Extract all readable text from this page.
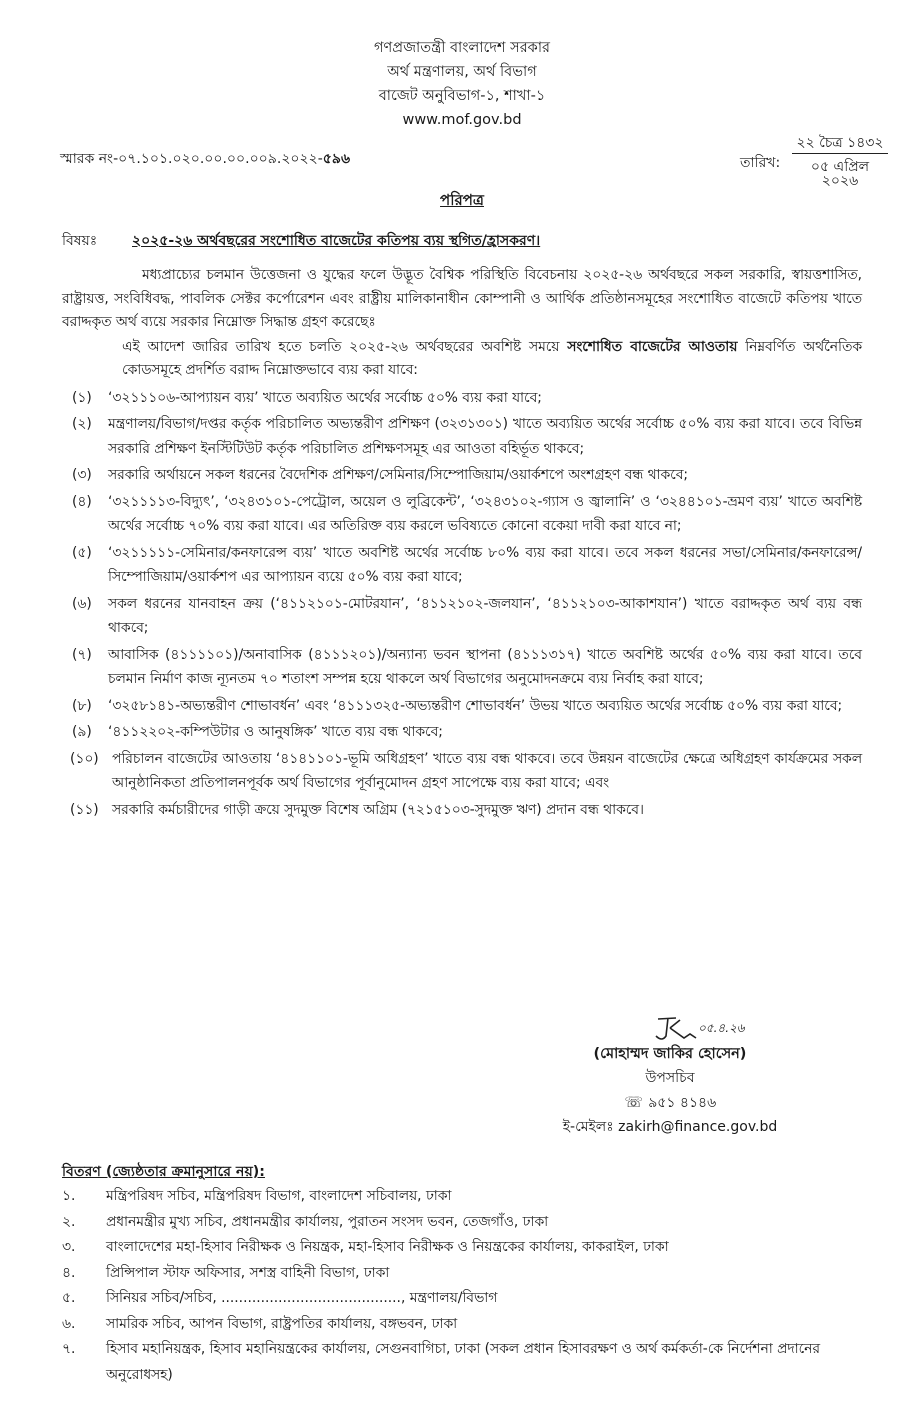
গণপ্রজাতন্ত্রী বাংলাদেশ সরকার
অর্থ মন্ত্রণালয়, অর্থ বিভাগ
বাজেট অনুবিভাগ-১, শাখা-১
www.mof.gov.bd
স্মারক নং-০৭.১০১.০২০.০০.০০.০০৯.২০২২-৫৯৬	তারিখ:
২২ চৈত্র ১৪৩২
০৫ এপ্রিল ২০২৬
পরিপত্র
বিষয়ঃ ২০২৫-২৬ অর্থবছরের সংশোধিত বাজেটের কতিপয় ব্যয় স্থগিত/হ্রাসকরণ।
মধ্যপ্রাচ্যের চলমান উত্তেজনা ও যুদ্ধের ফলে উদ্ভূত বৈশ্বিক পরিস্থিতি বিবেচনায় ২০২৫-২৬ অর্থবছরে সকল সরকারি, স্বায়ত্তশাসিত, রাষ্ট্রায়ত্ত, সংবিধিবদ্ধ, পাবলিক সেক্টর কর্পোরেশন এবং রাষ্ট্রীয় মালিকানাধীন কোম্পানী ও আর্থিক প্রতিষ্ঠানসমূহের সংশোধিত বাজেটে কতিপয় খাতে বরাদ্দকৃত অর্থ ব্যয়ে সরকার নিম্নোক্ত সিদ্ধান্ত গ্রহণ করেছেঃ
এই আদেশ জারির তারিখ হতে চলতি ২০২৫-২৬ অর্থবছরের অবশিষ্ট সময়ে সংশোধিত বাজেটের আওতায় নিম্নবর্ণিত অর্থনৈতিক কোডসমূহে প্রদর্শিত বরাদ্দ নিম্নোক্তভাবে ব্যয় করা যাবে:
(১) ‘৩২১১১০৬-আপ্যায়ন ব্যয়’ খাতে অব্যয়িত অর্থের সর্বোচ্চ ৫০% ব্যয় করা যাবে;
(২) মন্ত্রণালয়/বিভাগ/দপ্তর কর্তৃক পরিচালিত অভ্যন্তরীণ প্রশিক্ষণ (৩২৩১৩০১) খাতে অব্যয়িত অর্থের সর্বোচ্চ ৫০% ব্যয় করা যাবে। তবে বিভিন্ন সরকারি প্রশিক্ষণ ইনস্টিটিউট কর্তৃক পরিচালিত প্রশিক্ষণসমূহ এর আওতা বহির্ভূত থাকবে;
(৩) সরকারি অর্থায়নে সকল ধরনের বৈদেশিক প্রশিক্ষণ/সেমিনার/সিম্পোজিয়াম/ওয়ার্কশপে অংশগ্রহণ বন্ধ থাকবে;
(৪) ‘৩২১১১১৩-বিদ্যুৎ’, ‘৩২৪৩১০১-পেট্রোল, অয়েল ও লুব্রিকেন্ট’, ‘৩২৪৩১০২-গ্যাস ও জ্বালানি’ ও ‘৩২৪৪১০১-ভ্রমণ ব্যয়’ খাতে অবশিষ্ট অর্থের সর্বোচ্চ ৭০% ব্যয় করা যাবে। এর অতিরিক্ত ব্যয় করলে ভবিষ্যতে কোনো বকেয়া দাবী করা যাবে না;
(৫) ‘৩২১১১১১-সেমিনার/কনফারেন্স ব্যয়’ খাতে অবশিষ্ট অর্থের সর্বোচ্চ ৮০% ব্যয় করা যাবে। তবে সকল ধরনের সভা/সেমিনার/কনফারেন্স/সিম্পোজিয়াম/ওয়ার্কশপ এর আপ্যায়ন ব্যয়ে ৫০% ব্যয় করা যাবে;
(৬) সকল ধরনের যানবাহন ক্রয় (‘৪১১২১০১-মোটরযান’, ‘৪১১২১০২-জলযান’, ‘৪১১২১০৩-আকাশযান’) খাতে বরাদ্দকৃত অর্থ ব্যয় বন্ধ থাকবে;
(৭) আবাসিক (৪১১১১০১)/অনাবাসিক (৪১১১২০১)/অন্যান্য ভবন স্থাপনা (৪১১১৩১৭) খাতে অবশিষ্ট অর্থের ৫০% ব্যয় করা যাবে। তবে চলমান নির্মাণ কাজ ন্যূনতম ৭০ শতাংশ সম্পন্ন হয়ে থাকলে অর্থ বিভাগের অনুমোদনক্রমে ব্যয় নির্বাহ করা যাবে;
(৮) ‘৩২৫৮১৪১-অভ্যন্তরীণ শোভাবর্ধন’ এবং ‘৪১১১৩২৫-অভ্যন্তরীণ শোভাবর্ধন’ উভয় খাতে অব্যয়িত অর্থের সর্বোচ্চ ৫০% ব্যয় করা যাবে;
(৯) ‘৪১১২২০২-কম্পিউটার ও আনুষঙ্গিক’ খাতে ব্যয় বন্ধ থাকবে;
(১০) পরিচালন বাজেটের আওতায় ‘৪১৪১১০১-ভূমি অধিগ্রহণ’ খাতে ব্যয় বন্ধ থাকবে। তবে উন্নয়ন বাজেটের ক্ষেত্রে অধিগ্রহণ কার্যক্রমের সকল আনুষ্ঠানিকতা প্রতিপালনপূর্বক অর্থ বিভাগের পূর্বানুমোদন গ্রহণ সাপেক্ষে ব্যয় করা যাবে; এবং
(১১) সরকারি কর্মচারীদের গাড়ী ক্রয়ে সুদমুক্ত বিশেষ অগ্রিম (৭২১৫১০৩-সুদমুক্ত ঋণ) প্রদান বন্ধ থাকবে।
০৫.৪.২৬
(মোহাম্মদ জাকির হোসেন)
উপসচিব
☏ ৯৫১ ৪১৪৬
ই-মেইলঃ zakirh@finance.gov.bd
বিতরণ (জ্যেষ্ঠতার ক্রমানুসারে নয়):
১. মন্ত্রিপরিষদ সচিব, মন্ত্রিপরিষদ বিভাগ, বাংলাদেশ সচিবালয়, ঢাকা
২. প্রধানমন্ত্রীর মুখ্য সচিব, প্রধানমন্ত্রীর কার্যালয়, পুরাতন সংসদ ভবন, তেজগাঁও, ঢাকা
৩. বাংলাদেশের মহা-হিসাব নিরীক্ষক ও নিয়ন্ত্রক, মহা-হিসাব নিরীক্ষক ও নিয়ন্ত্রকের কার্যালয়, কাকরাইল, ঢাকা
৪. প্রিন্সিপাল স্টাফ অফিসার, সশস্ত্র বাহিনী বিভাগ, ঢাকা
৫. সিনিয়র সচিব/সচিব, ........................................., মন্ত্রণালয়/বিভাগ
৬. সামরিক সচিব, আপন বিভাগ, রাষ্ট্রপতির কার্যালয়, বঙ্গভবন, ঢাকা
৭. হিসাব মহানিয়ন্ত্রক, হিসাব মহানিয়ন্ত্রকের কার্যালয়, সেগুনবাগিচা, ঢাকা (সকল প্রধান হিসাবরক্ষণ ও অর্থ কর্মকর্তা-কে নির্দেশনা প্রদানের অনুরোধসহ)
